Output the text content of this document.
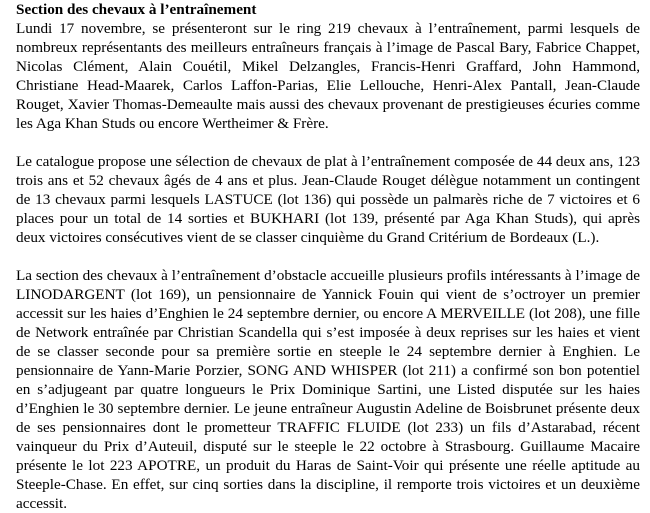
Section des chevaux à l’entraînement

Lundi 17 novembre, se présenteront sur le ring 219 chevaux à l’entraînement, parmi lesquels de nombreux représentants des meilleurs entraîneurs français à l’image de Pascal Bary, Fabrice Chappet, Nicolas Clément, Alain Couétil, Mikel Delzangles, Francis-Henri Graffard, John Hammond, Christiane Head-Maarek, Carlos Laffon-Parias, Elie Lellouche, Henri-Alex Pantall, Jean-Claude Rouget, Xavier Thomas-Demeaulte mais aussi des chevaux provenant de prestigieuses écuries comme les Aga Khan Studs ou encore Wertheimer & Frère.

Le catalogue propose une sélection de chevaux de plat à l’entraînement composée de 44 deux ans, 123 trois ans et 52 chevaux âgés de 4 ans et plus. Jean-Claude Rouget délègue notamment un contingent de 13 chevaux parmi lesquels LASTUCE (lot 136) qui possède un palmarès riche de 7 victoires et 6 places pour un total de 14 sorties et BUKHARI (lot 139, présenté par Aga Khan Studs), qui après deux victoires consécutives vient de se classer cinquième du Grand Critérium de Bordeaux (L.).

La section des chevaux à l’entraînement d’obstacle accueille plusieurs profils intéressants à l’image de LINODARGENT (lot 169), un pensionnaire de Yannick Fouin qui vient de s’octroyer un premier accessit sur les haies d’Enghien le 24 septembre dernier, ou encore A MERVEILLE (lot 208), une fille de Network entraînée par Christian Scandella qui s’est imposée à deux reprises sur les haies et vient de se classer seconde pour sa première sortie en steeple le 24 septembre dernier à Enghien. Le pensionnaire de Yann-Marie Porzier, SONG AND WHISPER (lot 211) a confirmé son bon potentiel en s’adjugeant par quatre longueurs le Prix Dominique Sartini, une Listed disputée sur les haies d’Enghien le 30 septembre dernier. Le jeune entraîneur Augustin Adeline de Boisbrunet présente deux de ses pensionnaires dont le prometteur TRAFFIC FLUIDE (lot 233) un fils d’Astarabad, récent vainqueur du Prix d’Auteuil, disputé sur le steeple le 22 octobre à Strasbourg. Guillaume Macaire présente le lot 223 APOTRE, un produit du Haras de Saint-Voir qui présente une réelle aptitude au Steeple-Chase. En effet, sur cinq sorties dans la discipline, il remporte trois victoires et un deuxième accessit.
